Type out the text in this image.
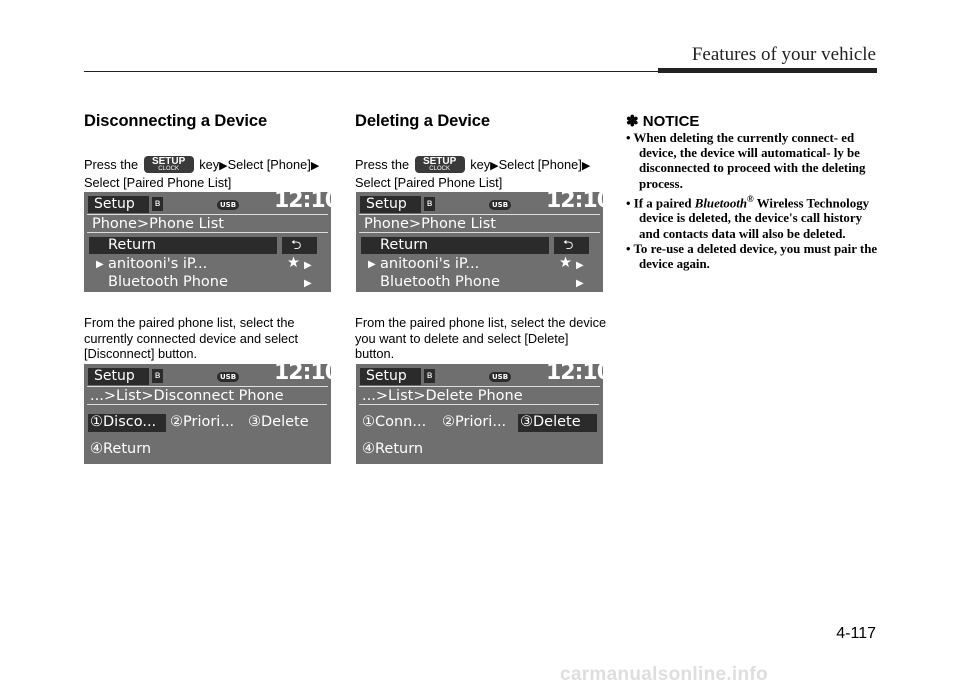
Features of your vehicle
Disconnecting a Device
Press the	SETUP
CLOCK	key▶Select [Phone]▶
Select [Paired Phone List]
Setup ʙ	USB 12:10
Phone>Phone List
Return	⮌
▶ anitooni's iP...	★ ▶
Bluetooth Phone	▶
From the paired phone list, select the currently connected device and select [Disconnect] button.
Setup ʙ	USB 12:10
...>List>Disconnect Phone
①Disco... ②Priori... ③Delete
④Return
Deleting a Device
Press the	SETUP
CLOCK	key▶Select [Phone]▶
Select [Paired Phone List]
Setup ʙ	USB 12:10
Phone>Phone List
Return	⮌
▶ anitooni's iP...	★ ▶
Bluetooth Phone	▶
From the paired phone list, select the device you want to delete and select [Delete] button.
Setup ʙ	USB 12:10
...>List>Delete Phone
①Conn... ②Priori... ③Delete
④Return
✽ NOTICE
• When deleting the currently connect- ed device, the device will automatical- ly be disconnected to proceed with the deleting process.
• If a paired Bluetooth® Wireless Technology device is deleted, the device's call history and contacts data will also be deleted.
• To re-use a deleted device, you must pair the device again.
4-117
carmanualsonline.info
